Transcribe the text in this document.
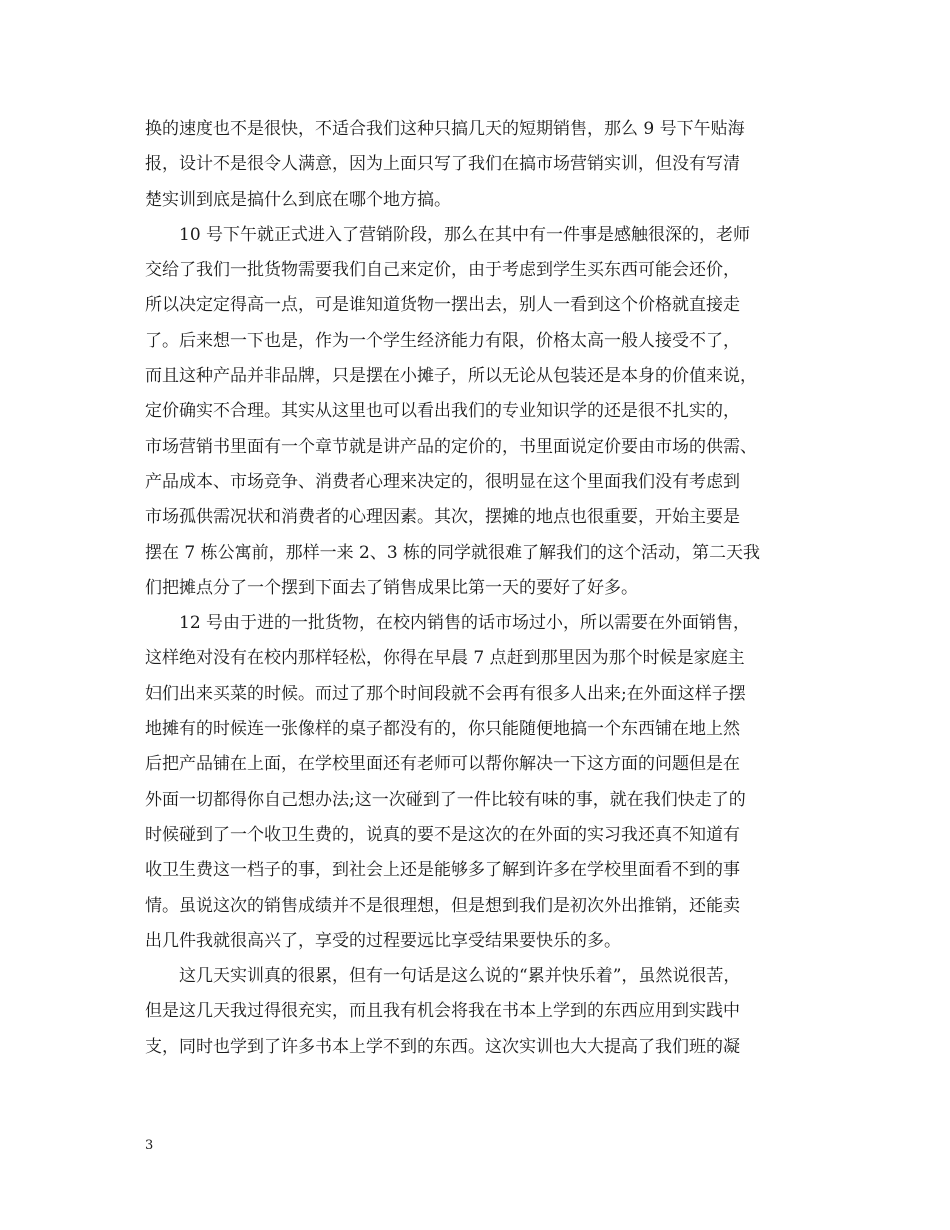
换的速度也不是很快，不适合我们这种只搞几天的短期销售，那么 9 号下午贴海
报，设计不是很令人满意，因为上面只写了我们在搞市场营销实训，但没有写清
楚实训到底是搞什么到底在哪个地方搞。
10 号下午就正式进入了营销阶段，那么在其中有一件事是感触很深的，老师
交给了我们一批货物需要我们自己来定价，由于考虑到学生买东西可能会还价，
所以决定定得高一点，可是谁知道货物一摆出去，别人一看到这个价格就直接走
了。后来想一下也是，作为一个学生经济能力有限，价格太高一般人接受不了，
而且这种产品并非品牌，只是摆在小摊子，所以无论从包装还是本身的价值来说，
定价确实不合理。其实从这里也可以看出我们的专业知识学的还是很不扎实的，
市场营销书里面有一个章节就是讲产品的定价的，书里面说定价要由市场的供需、
产品成本、市场竞争、消费者心理来决定的，很明显在这个里面我们没有考虑到
市场孤供需况状和消费者的心理因素。其次，摆摊的地点也很重要，开始主要是
摆在 7 栋公寓前，那样一来 2、3 栋的同学就很难了解我们的这个活动，第二天我
们把摊点分了一个摆到下面去了销售成果比第一天的要好了好多。
12 号由于进的一批货物，在校内销售的话市场过小，所以需要在外面销售，
这样绝对没有在校内那样轻松，你得在早晨 7 点赶到那里因为那个时候是家庭主
妇们出来买菜的时候。而过了那个时间段就不会再有很多人出来;在外面这样子摆
地摊有的时候连一张像样的桌子都没有的，你只能随便地搞一个东西铺在地上然
后把产品铺在上面，在学校里面还有老师可以帮你解决一下这方面的问题但是在
外面一切都得你自己想办法;这一次碰到了一件比较有味的事，就在我们快走了的
时候碰到了一个收卫生费的，说真的要不是这次的在外面的实习我还真不知道有
收卫生费这一档子的事，到社会上还是能够多了解到许多在学校里面看不到的事
情。虽说这次的销售成绩并不是很理想，但是想到我们是初次外出推销，还能卖
出几件我就很高兴了，享受的过程要远比享受结果要快乐的多。
这几天实训真的很累，但有一句话是这么说的“累并快乐着”，虽然说很苦，
但是这几天我过得很充实，而且我有机会将我在书本上学到的东西应用到实践中
支，同时也学到了许多书本上学不到的东西。这次实训也大大提高了我们班的凝
3
